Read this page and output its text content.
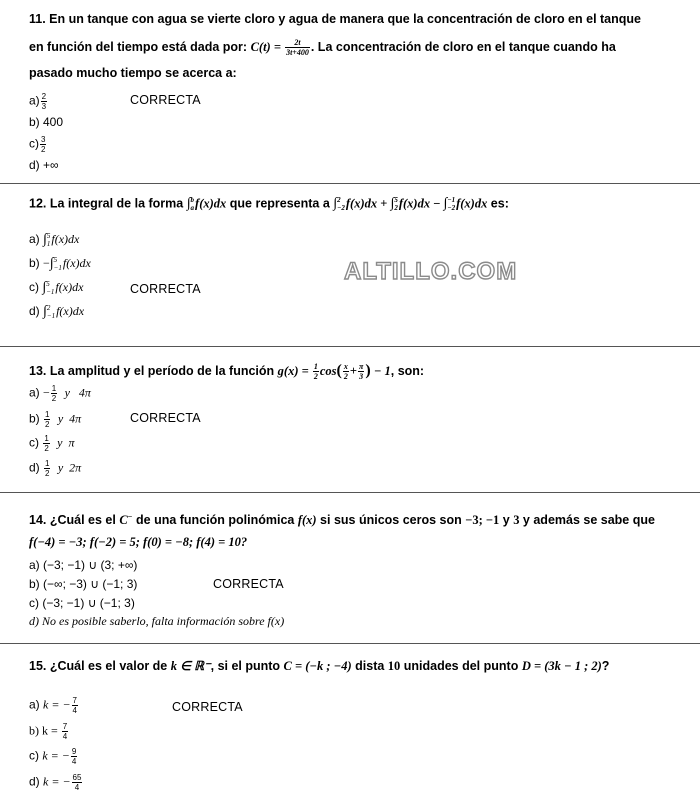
ALTILLO.COM
11. En un tanque con agua se vierte cloro y agua de manera que la concentración de cloro en el tanque
en función del tiempo está dada por: $C(t) = \frac{2t}{3t+400}$ . La concentración de cloro en el tanque cuando ha
pasado mucho tiempo se acerca a:
$a) \frac{2}{3}$	CORRECTA
b) 400
$c) \frac{3}{2}$
d) +∞
12. La integral de la forma ∫ b
a f(x)dx que representa a ∫ 2
−2 f(x)dx + ∫ 5
2 f(x)dx − ∫ −1
−2 f(x)dx es:
a) ∫ 5
1 f(x)dx
b) −∫ 5
−1 f(x)dx
c) ∫ 5
−1 f(x)dx	CORRECTA
d) ∫ 2
−1 f(x)dx
13. La amplitud y el período de la función $g(x) = \frac{1}{2} \cos( \frac{x}{2} + \frac{\pi}{3}$ ) − 1, son:
$a) - \frac{1}{2}$ y   4π
$b) \frac{1}{2}$ y  4π	CORRECTA
$c) \frac{1}{2}$ y  π
$d) \frac{1}{2}$ y  2π
14. ¿Cuál es el C− de una función polinómica f(x) si sus únicos ceros son −3; −1 y 3 y además se sabe que
f(−4) = −3; f(−2) = 5; f(0) = −8; f(4) = 10?
a) (−3; −1) ∪ (3; +∞)
b) (−∞; −3) ∪ (−1; 3)	CORRECTA
c) (−3; −1) ∪ (−1; 3)
d) No es posible saberlo, falta información sobre f(x)
15. ¿Cuál es el valor de k ∈ ℝ⁻, si el punto C = (−k ; −4) dista 10 unidades del punto D = (3k − 1 ; 2)?
a) k = − $\frac{7}{4}$	CORRECTA
b) $k = \frac{7}{4}$
c) k = − $\frac{9}{4}$
d) k = − $\frac{65}{4}$
